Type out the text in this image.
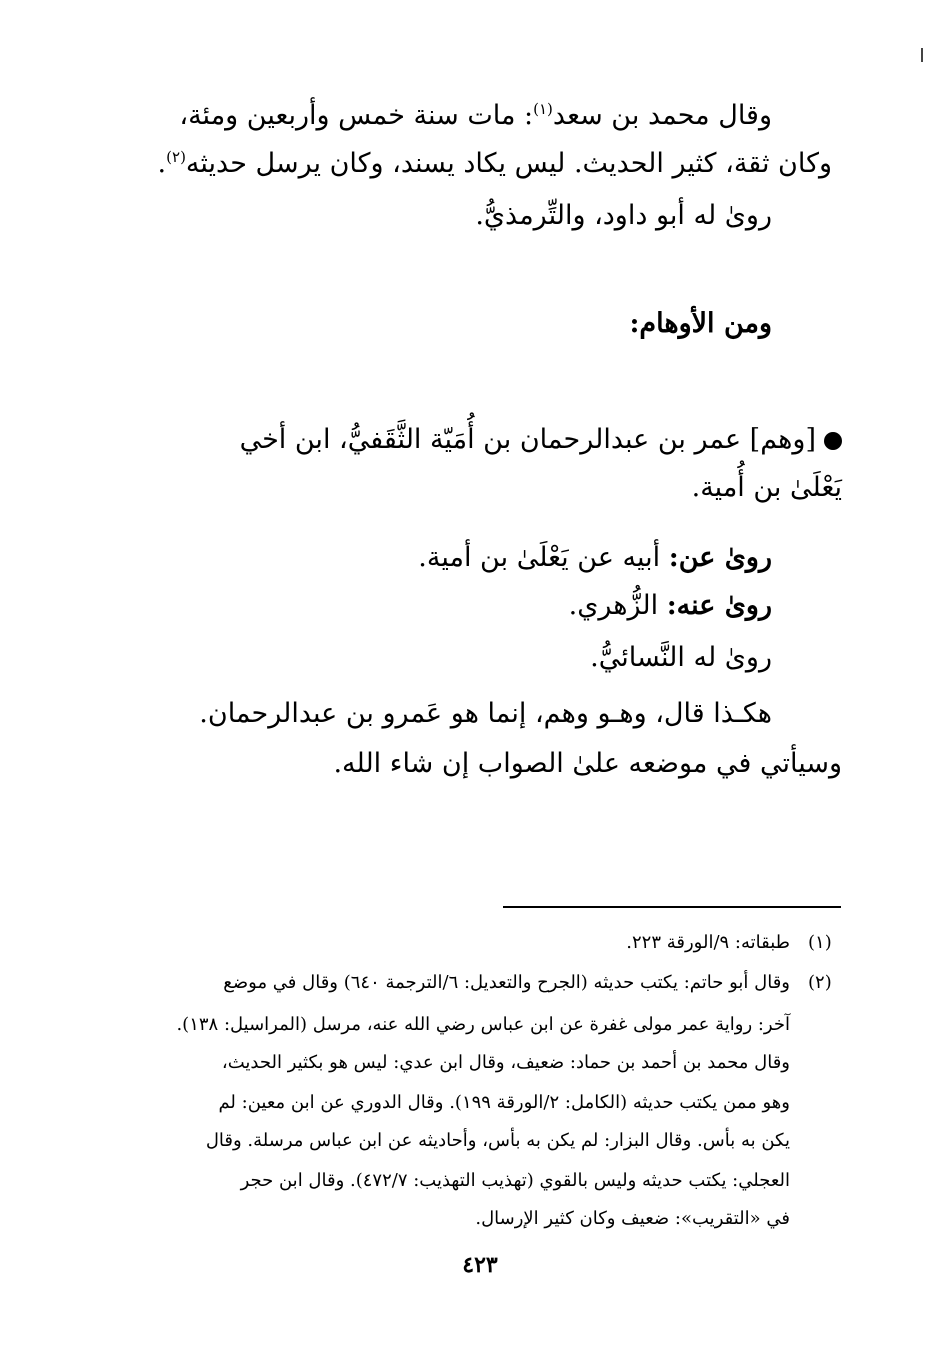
وقال محمد بن سعد$^{(١)}$: مات سنة خمس وأربعين ومئة،
وكان ثقة، كثير الحديث. ليس يكاد يسند، وكان يرسل حديثه$^{(٢)}$.
روىٰ له أبو داود، والتِّرمذيُّ.
ومن الأوهام:
[وهم] عمر بن عبدالرحمان بن أُمَيّة الثَّقَفيُّ، ابن أخي
يَعْلَىٰ بن أُمية.
روىٰ عن: أبيه عن يَعْلَىٰ بن أمية.
روىٰ عنه: الزُّهري.
روىٰ له النَّسائيُّ.
هكـذا قال، وهـو وهم، إنما هو عَمرو بن عبدالرحمان.
وسيأتي في موضعه علىٰ الصواب إن شاء الله.
(١)
طبقاته: ٩/الورقة ٢٢٣.
(٢)
وقال أبو حاتم: يكتب حديثه (الجرح والتعديل: ٦/الترجمة ٦٤٠) وقال في موضع
آخر: رواية عمر مولى غفرة عن ابن عباس رضي الله عنه، مرسل (المراسيل: ١٣٨).
وقال محمد بن أحمد بن حماد: ضعيف، وقال ابن عدي: ليس هو بكثير الحديث،
وهو ممن يكتب حديثه (الكامل: ٢/الورقة ١٩٩). وقال الدوري عن ابن معين: لم
يكن به بأس. وقال البزار: لم يكن به بأس، وأحاديثه عن ابن عباس مرسلة. وقال
العجلي: يكتب حديثه وليس بالقوي (تهذيب التهذيب: ٤٧٢/٧). وقال ابن حجر
في «التقريب»: ضعيف وكان كثير الإرسال.
٤٢٣
